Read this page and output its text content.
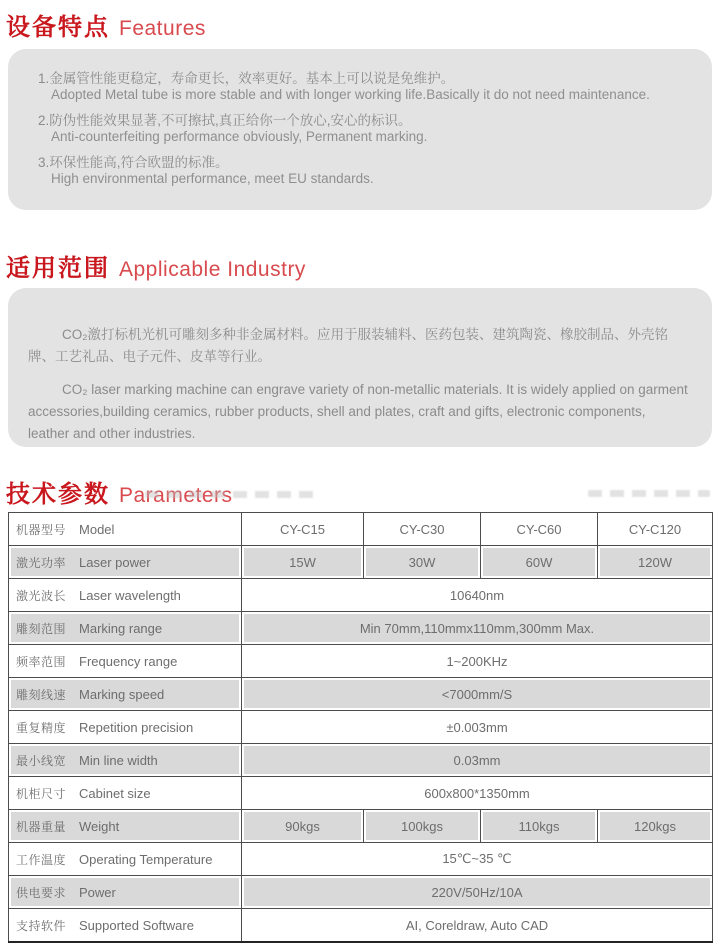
设备特点 Features
1.金属管性能更稳定，寿命更长，效率更好。基本上可以说是免维护。
Adopted Metal tube is more stable and with longer working life.Basically it do not need maintenance.
2.防伪性能效果显著,不可擦拭,真正给你一个放心,安心的标识。
Anti-counterfeiting performance obviously, Permanent marking.
3.环保性能高,符合欧盟的标准。
High environmental performance, meet EU standards.
适用范围 Applicable Industry

CO₂激打标机光机可雕刻多种非金属材料。应用于服装辅料、医药包装、建筑陶瓷、橡胶制品、外壳铭牌、工艺礼品、电子元件、皮革等行业。

CO₂ laser marking machine can engrave variety of non-metallic materials. It is widely applied on garment accessories,building ceramics, rubber products, shell and plates, craft and gifts, electronic components, leather and other industries.

技术参数 Parameters
机器型号 Model	CY-C15	CY-C30	CY-C60	CY-C120
激光功率 Laser power	15W	30W	60W	120W
激光波长 Laser wavelength	10640nm			
雕刻范围 Marking range	Min 70mm,110mmx110mm,300mm Max.			
频率范围 Frequency range	1~200KHz			
雕刻线速 Marking speed	<7000mm/S			
重复精度 Repetition precision	±0.003mm			
最小线宽 Min line width	0.03mm			
机柜尺寸 Cabinet size	600x800*1350mm			
机器重量 Weight	90kgs	100kgs	110kgs	120kgs
工作温度 Operating Temperature	15℃~35 ℃			
供电要求 Power	220V/50Hz/10A			
支持软件 Supported Software	AI, Coreldraw, Auto CAD			
